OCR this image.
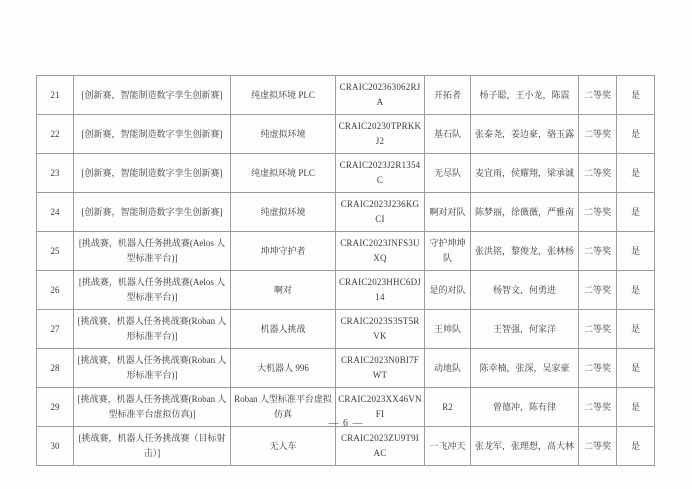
21	[创新赛，智能制造数字孪生创新赛]	纯虚拟环境 PLC	CRAIC202363062RJA	开拓者	杨子聪，王小龙，陈震	二等奖	是
22	[创新赛，智能制造数字孪生创新赛]	纯虚拟环境	CRAIC20230TPRKKJ2	基石队	张泰尧，姜边豪，骆玉露	二等奖	是
23	[创新赛，智能制造数字孪生创新赛]	纯虚拟环境 PLC	CRAIC2023J2R1354C	无尽队	麦宜雨，侯耀翔，梁承诚	二等奖	是
24	[创新赛，智能制造数字孪生创新赛]	纯虚拟环境	CRAIC2023J236KGCI	啊对对队	陈梦丽，徐薇薇，严雅南	二等奖	是
25	[挑战赛，机器人任务挑战赛(Aelos 人型标准平台)]	坤坤守护者	CRAIC2023JNFS3UXQ	守护坤坤队	张洪铭，黎俊龙，张林杨	二等奖	是
26	[挑战赛，机器人任务挑战赛(Aelos 人型标准平台)]	啊对	CRAIC2023HHC6DJ14	是的对队	杨智文，何勇进	二等奖	是
27	[挑战赛，机器人任务挑战赛(Roban 人形标准平台)]	机器人挑战	CRAIC2023S3ST5RVK	王帅队	王智强，何家洋	二等奖	是
28	[挑战赛，机器人任务挑战赛(Roban 人形标准平台)]	大机器人 996	CRAIC2023N0BI7FWT	动地队	陈幸楠，张深，吴家豪	二等奖	是
29	[挑战赛，机器人任务挑战赛(Roban 人型标准平台虚拟仿真)]	Roban 人型标准平台虚拟仿真	CRAIC2023XX46VNFI	R2	曾德冲，陈有律	二等奖	是
30	[挑战赛，机器人任务挑战赛（目标射击）]	无人车	CRAIC2023ZU9T9IAC	一飞冲天	张龙军，张理想，高大林	二等奖	是
— 6 —
